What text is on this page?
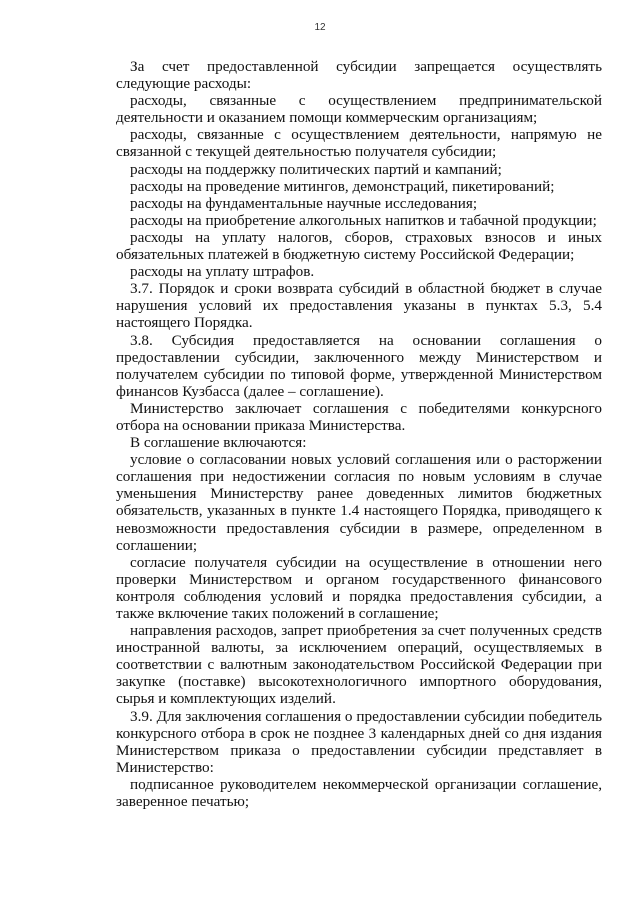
12

За счет предоставленной субсидии запрещается осуществлять следующие расходы:

расходы, связанные с осуществлением предпринимательской деятельности и оказанием помощи коммерческим организациям;

расходы, связанные с осуществлением деятельности, напрямую не связанной с текущей деятельностью получателя субсидии;

расходы на поддержку политических партий и кампаний;

расходы на проведение митингов, демонстраций, пикетирований;

расходы на фундаментальные научные исследования;

расходы на приобретение алкогольных напитков и табачной продукции;

расходы на уплату налогов, сборов, страховых взносов и иных обязательных платежей в бюджетную систему Российской Федерации;

расходы на уплату штрафов.

3.7. Порядок и сроки возврата субсидий в областной бюджет в случае нарушения условий их предоставления указаны в пунктах 5.3, 5.4 настоящего Порядка.

3.8. Субсидия предоставляется на основании соглашения о предоставлении субсидии, заключенного между Министерством и получателем субсидии по типовой форме, утвержденной Министерством финансов Кузбасса (далее – соглашение).

Министерство заключает соглашения с победителями конкурсного отбора на основании приказа Министерства.

В соглашение включаются:

условие о согласовании новых условий соглашения или о расторжении соглашения при недостижении согласия по новым условиям в случае уменьшения Министерству ранее доведенных лимитов бюджетных обязательств, указанных в пункте 1.4 настоящего Порядка, приводящего к невозможности предоставления субсидии в размере, определенном в соглашении;

согласие получателя субсидии на осуществление в отношении него проверки Министерством и органом государственного финансового контроля соблюдения условий и порядка предоставления субсидии, а также включение таких положений в соглашение;

направления расходов, запрет приобретения за счет полученных средств иностранной валюты, за исключением операций, осуществляемых в соответствии с валютным законодательством Российской Федерации при закупке (поставке) высокотехнологичного импортного оборудования, сырья и комплектующих изделий.

3.9. Для заключения соглашения о предоставлении субсидии победитель конкурсного отбора в срок не позднее 3 календарных дней со дня издания Министерством приказа о предоставлении субсидии представляет в Министерство:

подписанное руководителем некоммерческой организации соглашение, заверенное печатью;
